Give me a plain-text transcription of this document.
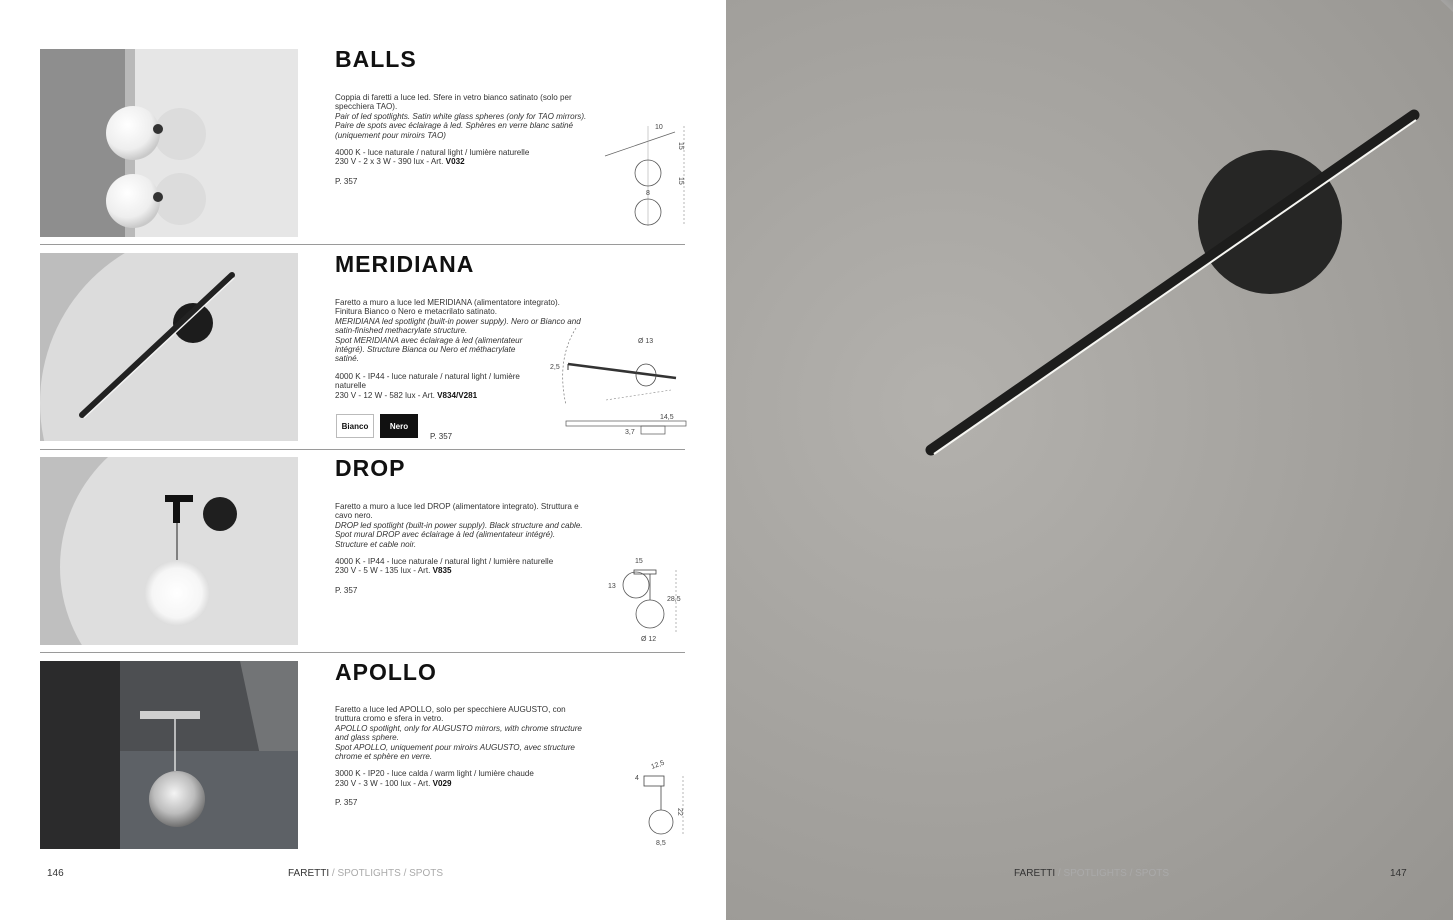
BALLS

Coppia di faretti a luce led. Sfere in vetro bianco satinato (solo per specchiera TAO).

Pair of led spotlights. Satin white glass spheres (only for TAO mirrors).

Paire de spots avec éclairage à led. Sphères en verre blanc satiné (uniquement pour miroirs TAO)

4000 K - luce naturale / natural light / lumière naturelle

230 V - 2 x 3 W - 390 lux - Art. V032

P. 357

10
15
15
8
MERIDIANA

Faretto a muro a luce led MERIDIANA (alimentatore integrato). Finitura Bianco o Nero e metacrilato satinato.

MERIDIANA led spotlight (built-in power supply). Nero or Bianco and satin-finished methacrylate structure.

Spot MERIDIANA avec éclairage à led (alimentateur intégré). Structure Bianca ou Nero et méthacrylate satiné.

4000 K - IP44 - luce naturale / natural light / lumière naturelle

230 V - 12 W - 582 lux - Art. V834/V281

Bianco	Nero
P. 357
Ø 13
2,5
14,5
3,7
DROP

Faretto a muro a luce led DROP (alimentatore integrato). Struttura e cavo nero.

DROP led spotlight (built-in power supply). Black structure and cable.

Spot mural DROP avec éclairage à led (alimentateur intégré). Structure et cable noir.

4000 K - IP44 - luce naturale / natural light / lumière naturelle

230 V - 5 W - 135 lux - Art. V835

P. 357

15
13
28,5
Ø 12
APOLLO

Faretto a luce led APOLLO, solo per specchiere AUGUSTO, con truttura cromo e sfera in vetro.

APOLLO spotlight, only for AUGUSTO mirrors, with chrome structure and glass sphere.

Spot APOLLO, uniquement pour miroirs AUGUSTO, avec structure chrome et sphère en verre.

3000 K - IP20 - luce calda / warm light / lumière chaude

230 V - 3 W - 100 lux - Art. V029

P. 357

12,5
4
22
8,5
146	FARETTI / SPOTLIGHTS / SPOTS	FARETTI / SPOTLIGHTS / SPOTS	147
